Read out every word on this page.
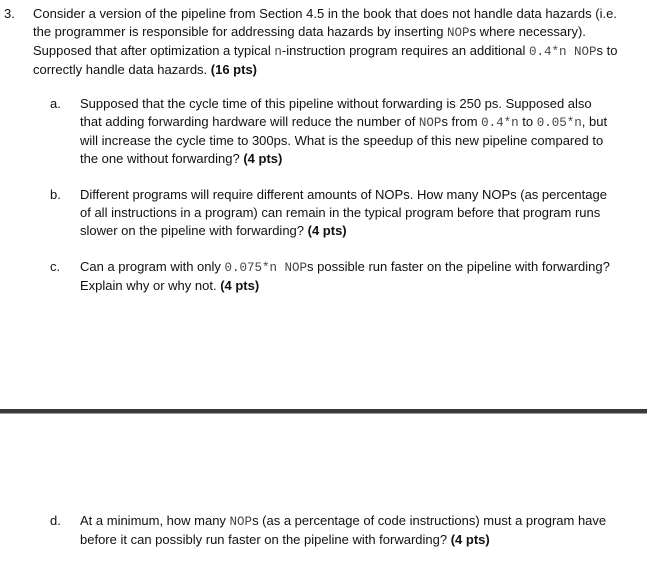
3. Consider a version of the pipeline from Section 4.5 in the book that does not handle data hazards (i.e. the programmer is responsible for addressing data hazards by inserting NOPs where necessary). Supposed that after optimization a typical n-instruction program requires an additional 0.4*n NOPs to correctly handle data hazards. (16 pts)
a.	Supposed that the cycle time of this pipeline without forwarding is 250 ps. Supposed also that adding forwarding hardware will reduce the number of NOPs from 0.4*n to 0.05*n, but will increase the cycle time to 300ps. What is the speedup of this new pipeline compared to the one without forwarding? (4 pts)
b.	Different programs will require different amounts of NOPs. How many NOPs (as percentage of all instructions in a program) can remain in the typical program before that program runs slower on the pipeline with forwarding? (4 pts)
c.	Can a program with only 0.075*n NOPs possible run faster on the pipeline with forwarding? Explain why or why not. (4 pts)
d.	At a minimum, how many NOPs (as a percentage of code instructions) must a program have before it can possibly run faster on the pipeline with forwarding? (4 pts)
